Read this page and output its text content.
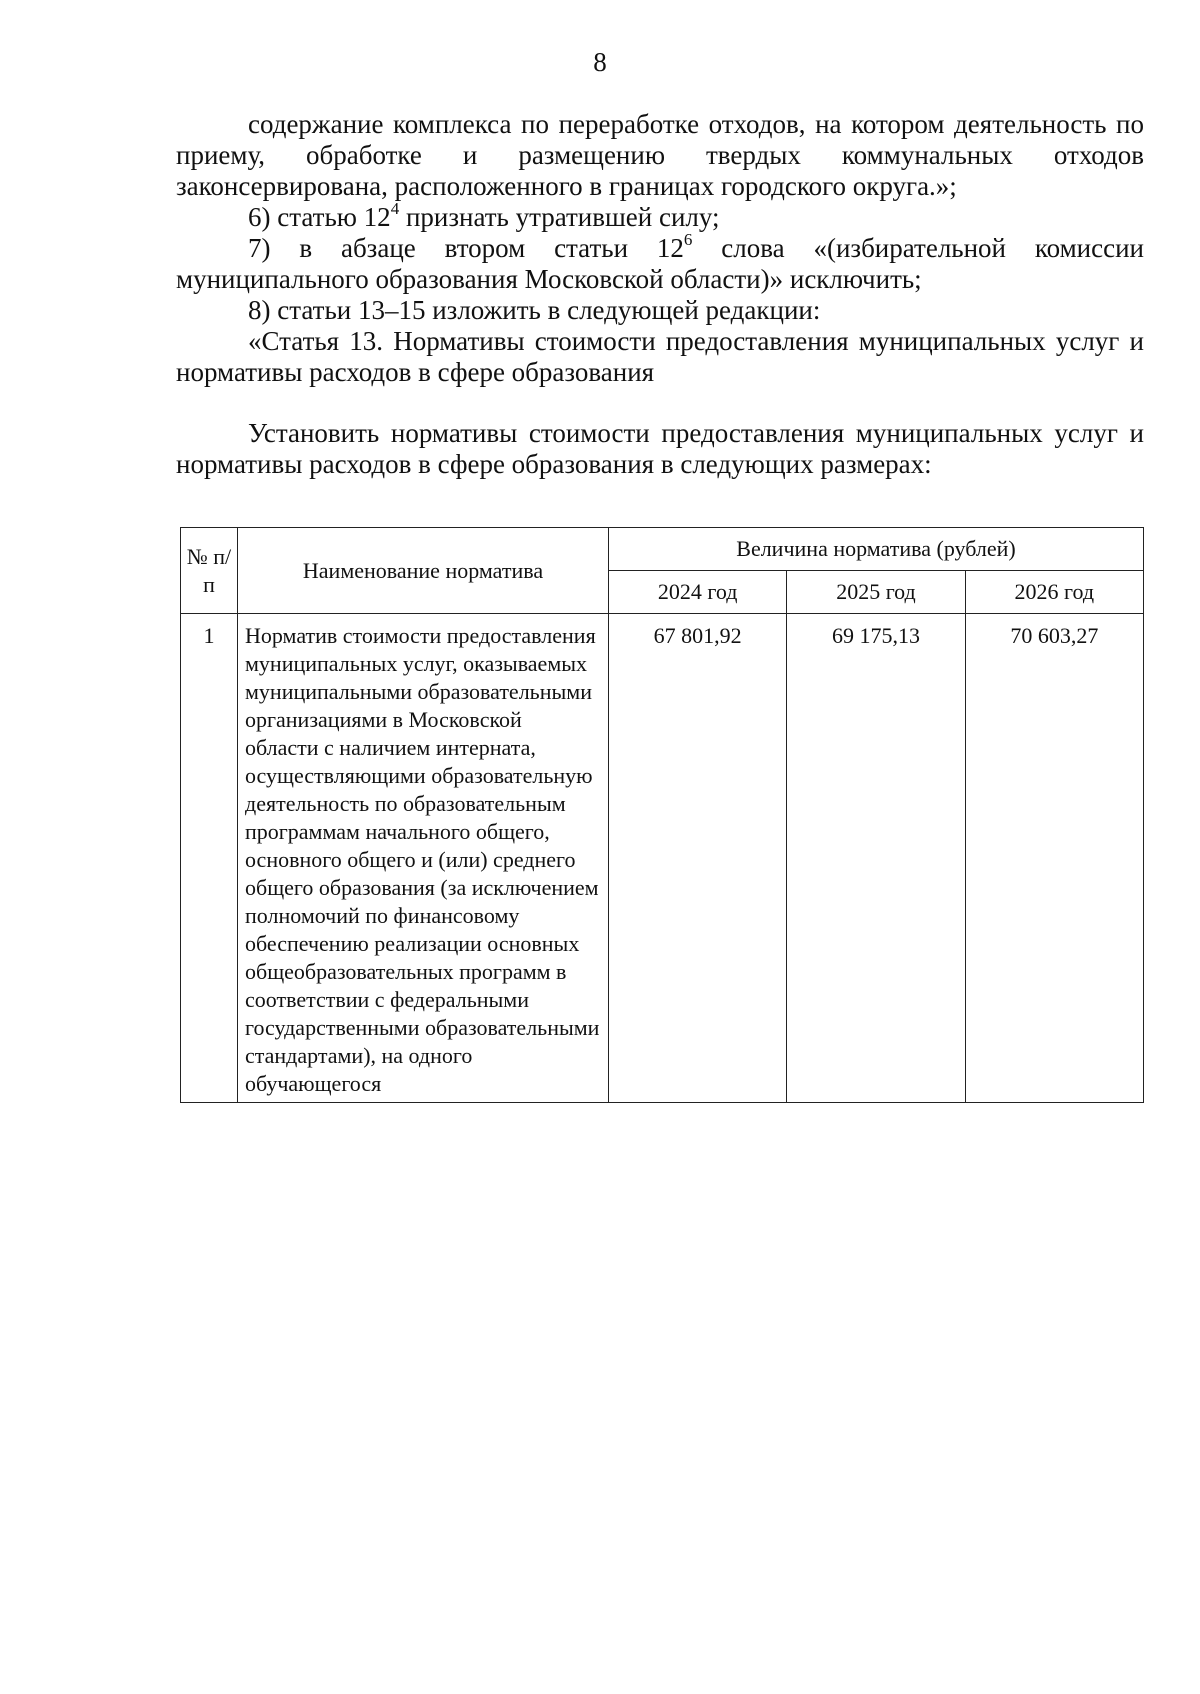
8

содержание комплекса по переработке отходов, на котором деятельность по приему, обработке и размещению твердых коммунальных отходов законсервирована, расположенного в границах городского округа.»;

6) статью $12^4$ признать утратившей силу;

7) в абзаце втором статьи $12^6$ слова «(избирательной комиссии муниципального образования Московской области)» исключить;

8) статьи 13–15 изложить в следующей редакции:

«Статья 13. Нормативы стоимости предоставления муниципальных услуг и нормативы расходов в сфере образования

Установить нормативы стоимости предоставления муниципальных услуг и нормативы расходов в сфере образования в следующих размерах:

№ п/п	Наименование норматива	Величина норматива (рублей)		
		2024 год	2025 год	2026 год
1	Норматив стоимости предоставления муниципальных услуг, оказываемых муниципальными образовательными организациями в Московской области с наличием интерната, осуществляющими образовательную деятельность по образовательным программам начального общего, основного общего и (или) среднего общего образования (за исключением полномочий по финансовому обеспечению реализации основных общеобразовательных программ в соответствии с федеральными государственными образовательными стандартами), на одного обучающегося	67 801,92	69 175,13	70 603,27
